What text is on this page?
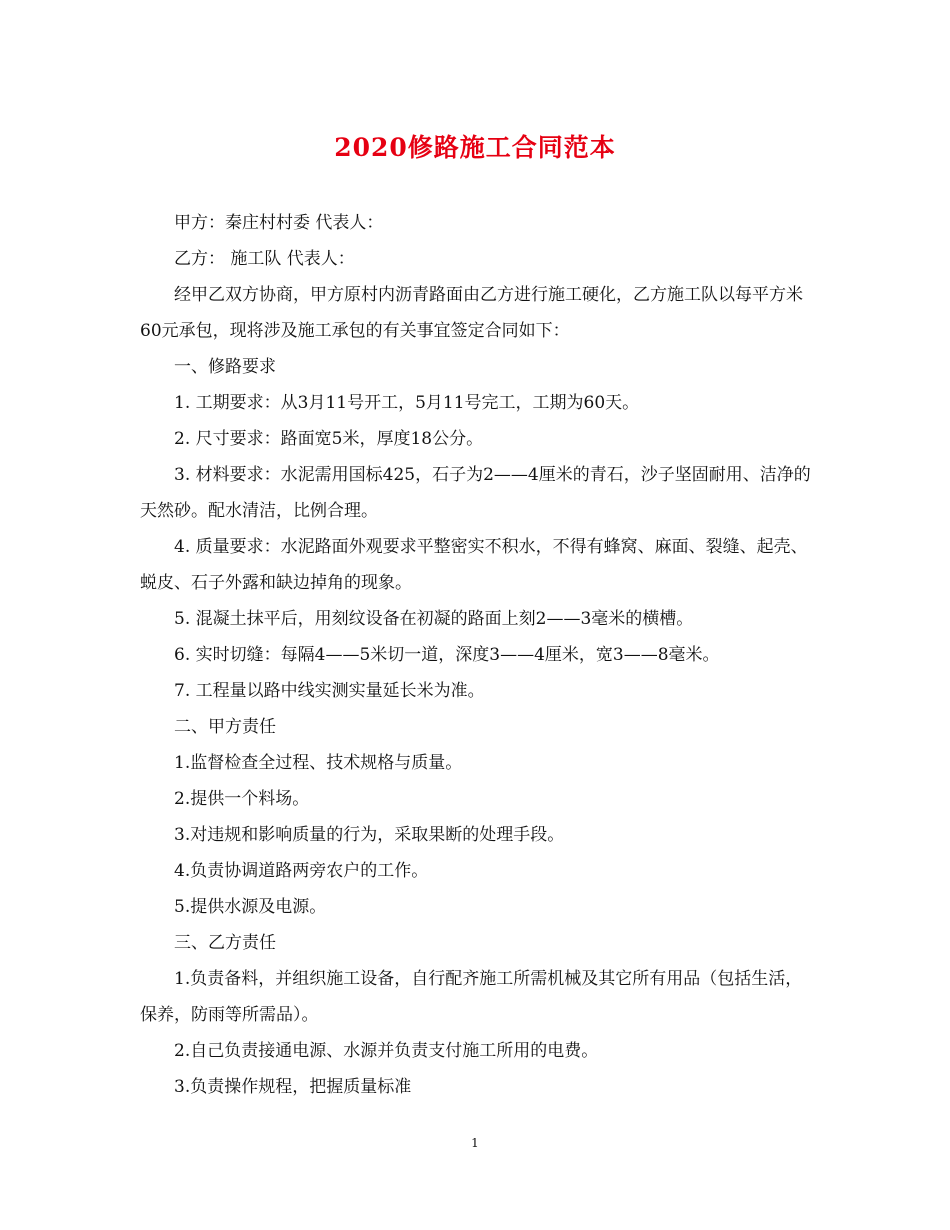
2020修路施工合同范本

甲方：秦庄村村委 代表人：

乙方： 施工队 代表人：

经甲乙双方协商，甲方原村内沥青路面由乙方进行施工硬化，乙方施工队以每平方米60元承包，现将涉及施工承包的有关事宜签定合同如下：

一、修路要求

1. 工期要求：从3月11号开工，5月11号完工，工期为60天。

2. 尺寸要求：路面宽5米，厚度18公分。

3. 材料要求：水泥需用国标425，石子为2——4厘米的青石，沙子坚固耐用、洁净的天然砂。配水清洁，比例合理。

4. 质量要求：水泥路面外观要求平整密实不积水，不得有蜂窝、麻面、裂缝、起壳、蜕皮、石子外露和缺边掉角的现象。

5. 混凝土抹平后，用刻纹设备在初凝的路面上刻2——3毫米的横槽。

6. 实时切缝：每隔4——5米切一道，深度3——4厘米，宽3——8毫米。

7. 工程量以路中线实测实量延长米为准。

二、甲方责任

1.监督检查全过程、技术规格与质量。

2.提供一个料场。

3.对违规和影响质量的行为，采取果断的处理手段。

4.负责协调道路两旁农户的工作。

5.提供水源及电源。

三、乙方责任

1.负责备料，并组织施工设备，自行配齐施工所需机械及其它所有用品（包括生活，保养，防雨等所需品）。

2.自己负责接通电源、水源并负责支付施工所用的电费。

3.负责操作规程，把握质量标准

1
